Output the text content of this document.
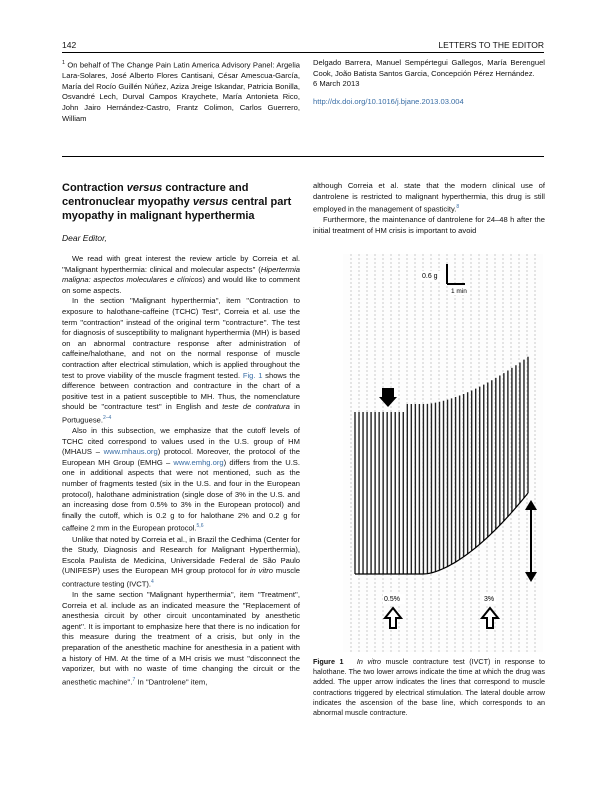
142	LETTERS TO THE EDITOR

$^1$ On behalf of The Change Pain Latin America Advisory Panel: Argelia Lara-Solares, José Alberto Flores Cantisani, César Amescua-García, María del Rocío Guillén Núñez, Aziza Jreige Iskandar, Patricia Bonilla, Osvandré Lech, Durval Campos Kraychete, María Antonieta Rico, John Jairo Hernández-Castro, Frantz Colimon, Carlos Guerrero, William

Delgado Barrera, Manuel Sempértegui Gallegos, María Berenguel Cook, João Batista Santos Garcia, Concepción Pérez Hernández.

6 March 2013

http://dx.doi.org/10.1016/j.bjane.2013.03.004

Contraction versus contracture and centronuclear myopathy versus central part myopathy in malignant hyperthermia
Dear Editor,

We read with great interest the review article by Correia et al. ''Malignant hyperthermia: clinical and molecular aspects'' (Hipertermia maligna: aspectos moleculares e clínicos) and would like to comment on some aspects.

In the section ''Malignant hyperthermia'', item ''Contraction to exposure to halothane-caffeine (TCHC) Test'', Correia et al. use the term ''contraction'' instead of the original term ''contracture''. The test for diagnosis of susceptibility to malignant hyperthermia (MH) is based on an abnormal contracture response after administration of caffeine/halothane, and not on the normal response of muscle contraction after electrical stimulation, which is applied throughout the test to prove viability of the muscle fragment tested. Fig. 1 shows the difference between contraction and contracture in the chart of a positive test in a patient susceptible to MH. Thus, the nomenclature should be ''contracture test'' in English and teste de contratura in Portuguese.$^{2-4}$

Also in this subsection, we emphasize that the cutoff levels of TCHC cited correspond to values used in the U.S. group of HM (MHAUS – www.mhaus.org) protocol. Moreover, the protocol of the European MH Group (EMHG – www.emhg.org) differs from the U.S. one in additional aspects that were not mentioned, such as the number of fragments tested (six in the U.S. and four in the European protocol), halothane administration (single dose of 3% in the U.S. and an increasing dose from 0.5% to 3% in the European protocol) and finally the cutoff, which is 0.2 g to for halothane 2% and 0.2 g for caffeine 2 mm in the European protocol.$^{5,6}$

Unlike that noted by Correia et al., in Brazil the Cedhima (Center for the Study, Diagnosis and Research for Malignant Hyperthermia), Escola Paulista de Medicina, Universidade Federal de São Paulo (UNIFESP) uses the European MH group protocol for in vitro muscle contracture testing (IVCT).$^4$

In the same section ''Malignant hyperthermia'', item ''Treatment'', Correia et al. include as an indicated measure the ''Replacement of anesthesia circuit by other circuit uncontaminated by anesthetic agent''. It is important to emphasize here that there is no indication for this measure during the treatment of a crisis, but only in the preparation of the anesthetic machine for anesthesia in a patient with a history of HM. At the time of a MH crisis we must ''disconnect the vaporizer, but with no waste of time changing the circuit or the anesthetic machine''.$^7$ In ''Dantrolene'' item,

although Correia et al. state that the modern clinical use of dantrolene is restricted to malignant hyperthermia, this drug is still employed in the management of spasticity.$^8$

Furthermore, the maintenance of dantrolene for 24–48 h after the initial treatment of HM crisis is important to avoid

0.6 g
1 min
0.5%	3%
Figure 1 In vitro muscle contracture test (IVCT) in response to halothane. The two lower arrows indicate the time at which the drug was added. The upper arrow indicates the lines that correspond to muscle contractions triggered by electrical stimulation. The lateral double arrow indicates the ascension of the base line, which corresponds to an abnormal muscle contracture.
